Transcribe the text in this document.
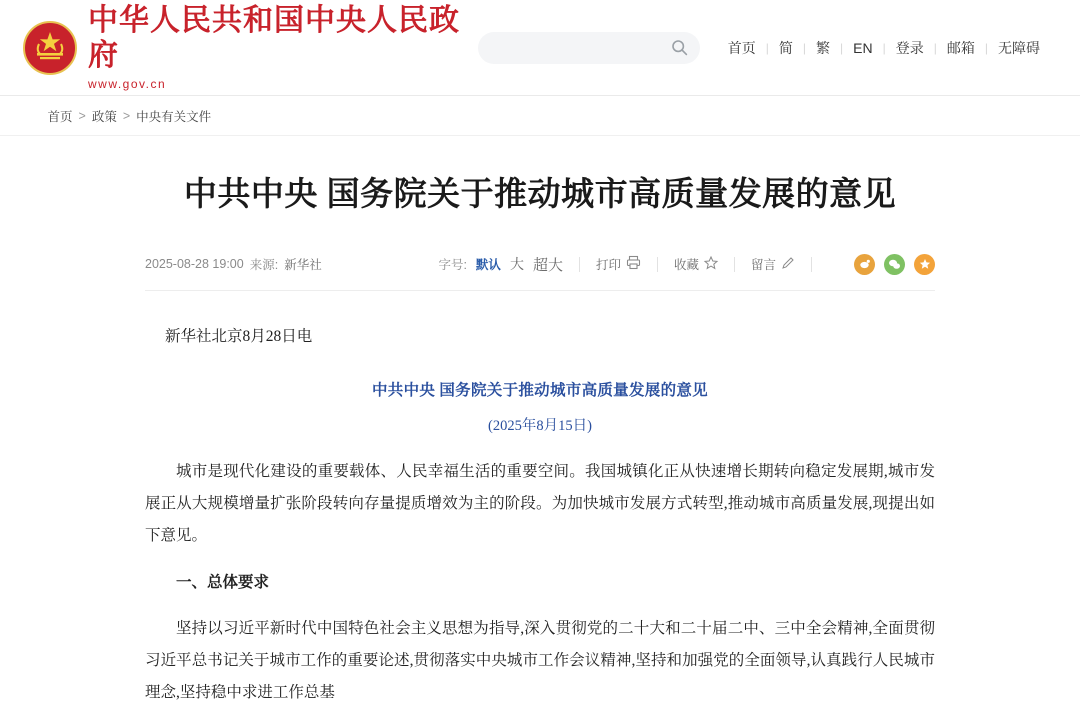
中华人民共和国中央人民政府
www.gov.cn
首页 | 简 | 繁 | EN | 登录 | 邮箱 | 无障碍
首页 > 政策 > 中央有关文件
中共中央 国务院关于推动城市高质量发展的意见
2025-08-28 19:00 来源: 新华社	字号: 默认 大 超大	打印	收藏	留言
新华社北京8月28日电
中共中央 国务院关于推动城市高质量发展的意见
(2025年8月15日)

城市是现代化建设的重要载体、人民幸福生活的重要空间。我国城镇化正从快速增长期转向稳定发展期,城市发展正从大规模增量扩张阶段转向存量提质增效为主的阶段。为加快城市发展方式转型,推动城市高质量发展,现提出如下意见。

一、总体要求

坚持以习近平新时代中国特色社会主义思想为指导,深入贯彻党的二十大和二十届二中、三中全会精神,全面贯彻习近平总书记关于城市工作的重要论述,贯彻落实中央城市工作会议精神,坚持和加强党的全面领导,认真践行人民城市理念,坚持稳中求进工作总基
